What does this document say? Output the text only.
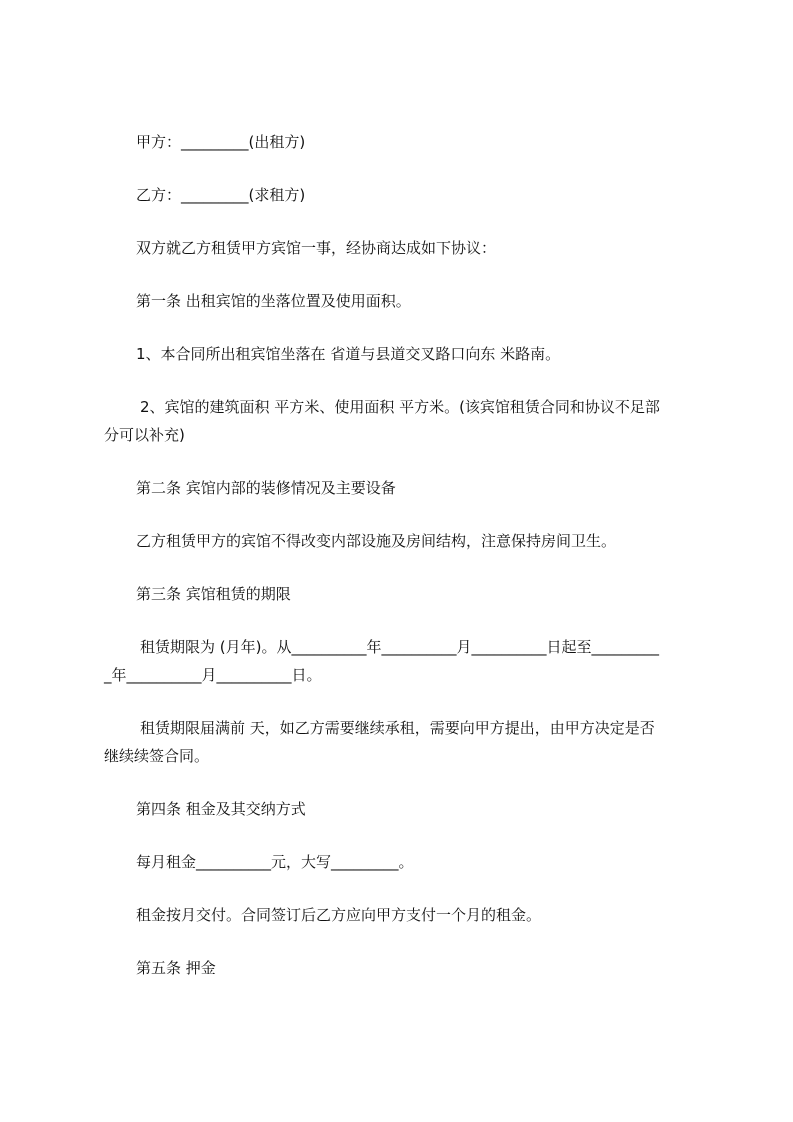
甲方：_________(出租方)
乙方：_________(求租方)
双方就乙方租赁甲方宾馆一事，经协商达成如下协议：
第一条 出租宾馆的坐落位置及使用面积。
1、本合同所出租宾馆坐落在 省道与县道交叉路口向东 米路南。
2、宾馆的建筑面积 平方米、使用面积 平方米。(该宾馆租赁合同和协议不足部
分可以补充)
第二条 宾馆内部的装修情况及主要设备
乙方租赁甲方的宾馆不得改变内部设施及房间结构，注意保持房间卫生。
第三条 宾馆租赁的期限
租赁期限为 (月年)。从__________年__________月__________日起至_________
_年__________月__________日。
租赁期限届满前 天，如乙方需要继续承租，需要向甲方提出，由甲方决定是否
继续续签合同。
第四条 租金及其交纳方式
每月租金__________元，大写_________。
租金按月交付。合同签订后乙方应向甲方支付一个月的租金。
第五条 押金
